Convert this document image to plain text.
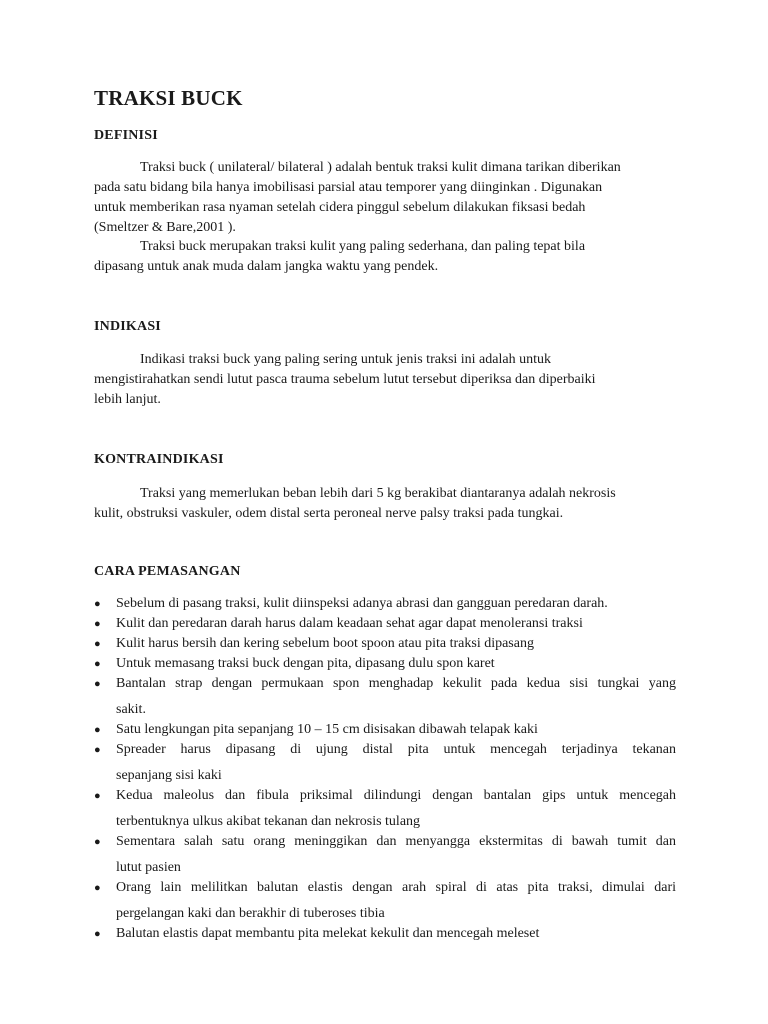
TRAKSI BUCK
DEFINISI

Traksi buck ( unilateral/ bilateral ) adalah bentuk traksi kulit dimana tarikan diberikan
pada satu bidang bila hanya imobilisasi parsial atau temporer yang diinginkan . Digunakan
untuk memberikan rasa nyaman setelah cidera pinggul sebelum dilakukan fiksasi bedah
(Smeltzer & Bare,2001 ).

Traksi buck merupakan traksi kulit yang paling sederhana, dan paling tepat bila
dipasang untuk anak muda dalam jangka waktu yang pendek.

INDIKASI

Indikasi traksi buck yang paling sering untuk jenis traksi ini adalah untuk
mengistirahatkan sendi lutut pasca trauma sebelum lutut tersebut diperiksa dan diperbaiki
lebih lanjut.

KONTRAINDIKASI

Traksi yang memerlukan beban lebih dari 5 kg berakibat diantaranya adalah nekrosis
kulit, obstruksi vaskuler, odem distal serta peroneal nerve palsy traksi pada tungkai.

CARA PEMASANGAN
● Sebelum di pasang traksi, kulit diinspeksi adanya abrasi dan gangguan peredaran darah.
● Kulit dan peredaran darah harus dalam keadaan sehat agar dapat menoleransi traksi
● Kulit harus bersih dan kering sebelum boot spoon atau pita traksi dipasang
● Untuk memasang traksi buck dengan pita, dipasang dulu spon karet
● Bantalan strap dengan permukaan spon menghadap kekulit pada kedua sisi tungkai yang
sakit.
● Satu lengkungan pita sepanjang 10 – 15 cm disisakan dibawah telapak kaki
● Spreader harus dipasang di ujung distal pita untuk mencegah terjadinya tekanan
sepanjang sisi kaki
● Kedua maleolus dan fibula priksimal dilindungi dengan bantalan gips untuk mencegah
terbentuknya ulkus akibat tekanan dan nekrosis tulang
● Sementara salah satu orang meninggikan dan menyangga ekstermitas di bawah tumit dan
lutut pasien
● Orang lain melilitkan balutan elastis dengan arah spiral di atas pita traksi, dimulai dari
pergelangan kaki dan berakhir di tuberoses tibia
● Balutan elastis dapat membantu pita melekat kekulit dan mencegah meleset
